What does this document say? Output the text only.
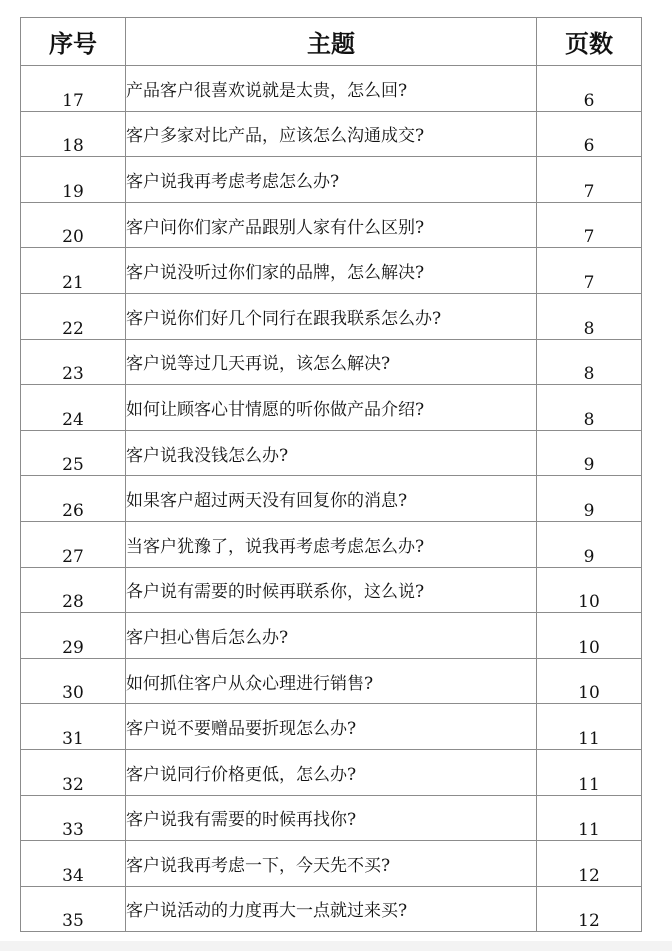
序号	主题	页数
17	产品客户很喜欢说就是太贵，怎么回?	6
18	客户多家对比产品，应该怎么沟通成交?	6
19	客户说我再考虑考虑怎么办?	7
20	客户问你们家产品跟别人家有什么区别?	7
21	客户说没听过你们家的品牌，怎么解决?	7
22	客户说你们好几个同行在跟我联系怎么办?	8
23	客户说等过几天再说，该怎么解决?	8
24	如何让顾客心甘情愿的听你做产品介绍?	8
25	客户说我没钱怎么办?	9
26	如果客户超过两天没有回复你的消息?	9
27	当客户犹豫了，说我再考虑考虑怎么办?	9
28	各户说有需要的时候再联系你，这么说?	10
29	客户担心售后怎么办?	10
30	如何抓住客户从众心理进行销售?	10
31	客户说不要赠品要折现怎么办?	11
32	客户说同行价格更低，怎么办?	11
33	客户说我有需要的时候再找你?	11
34	客户说我再考虑一下，今天先不买?	12
35	客户说活动的力度再大一点就过来买?	12
